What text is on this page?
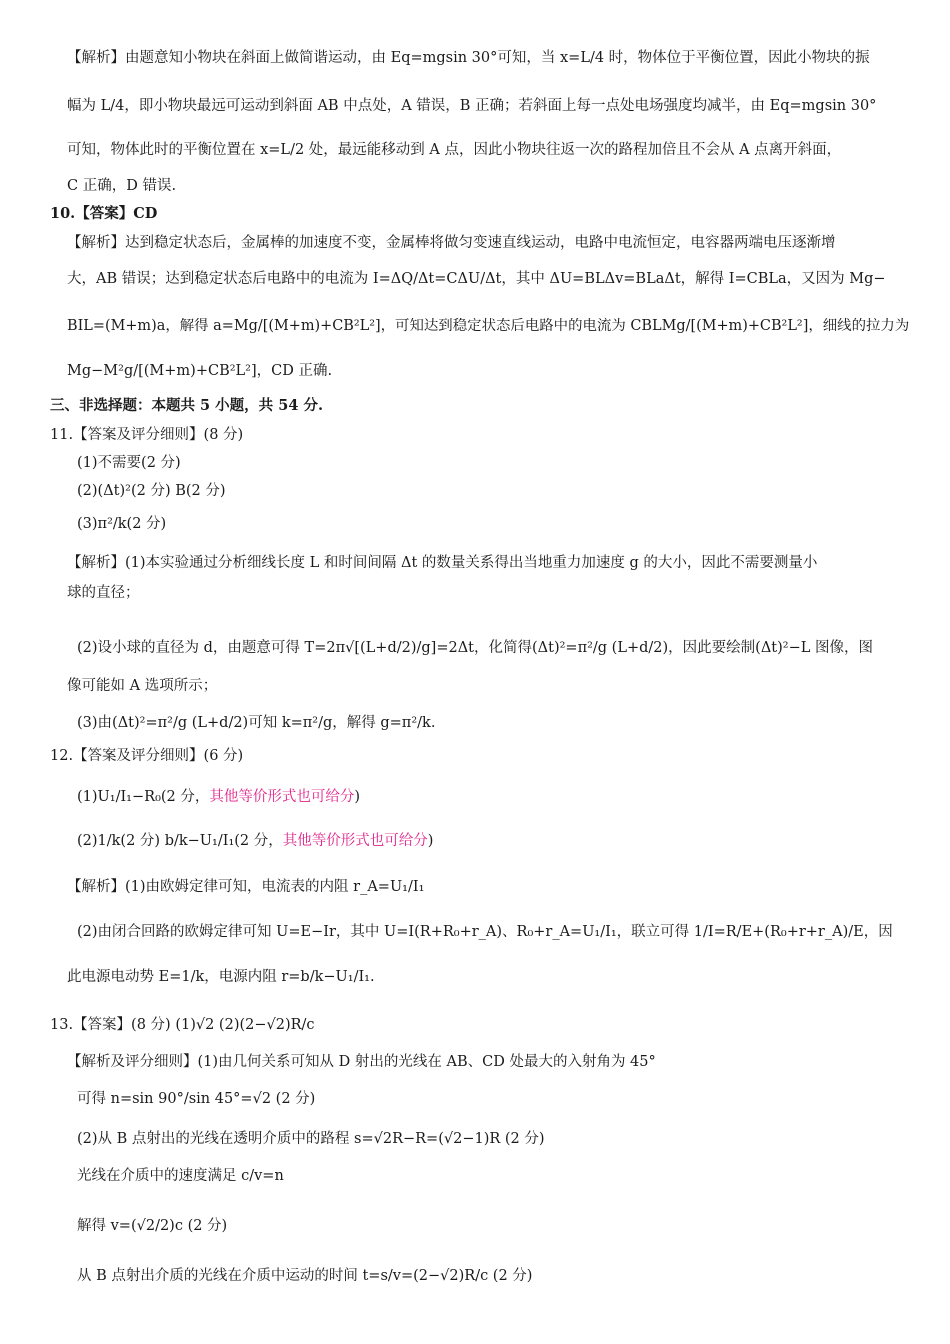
【解析】由题意知小物块在斜面上做简谐运动，由 Eq=mgsin 30°可知，当 x=L/4 时，物体位于平衡位置，因此小物块的振
幅为 L/4，即小物块最远可运动到斜面 AB 中点处，A 错误，B 正确；若斜面上每一点处电场强度均减半，由 Eq=mgsin 30°
可知，物体此时的平衡位置在 x=L/2 处，最远能移动到 A 点，因此小物块往返一次的路程加倍且不会从 A 点离开斜面，
C 正确，D 错误.
10.【答案】CD
【解析】达到稳定状态后，金属棒的加速度不变，金属棒将做匀变速直线运动，电路中电流恒定，电容器两端电压逐渐增
大，AB 错误；达到稳定状态后电路中的电流为 I=ΔQ/Δt=CΔU/Δt，其中 ΔU=BLΔv=BLaΔt，解得 I=CBLa，又因为 Mg−
BIL=(M+m)a，解得 a=Mg/[(M+m)+CB²L²]，可知达到稳定状态后电路中的电流为 CBLMg/[(M+m)+CB²L²]，细线的拉力为
Mg−M²g/[(M+m)+CB²L²]，CD 正确.
三、非选择题：本题共 5 小题，共 54 分.
11.【答案及评分细则】(8 分)
(1)不需要(2 分)
(2)(Δt)²(2 分) B(2 分)
(3)π²/k(2 分)
【解析】(1)本实验通过分析细线长度 L 和时间间隔 Δt 的数量关系得出当地重力加速度 g 的大小，因此不需要测量小
球的直径；
(2)设小球的直径为 d，由题意可得 T=2π√[(L+d/2)/g]=2Δt，化简得(Δt)²=π²/g (L+d/2)，因此要绘制(Δt)²−L 图像，图
像可能如 A 选项所示；
(3)由(Δt)²=π²/g (L+d/2)可知 k=π²/g，解得 g=π²/k.
12.【答案及评分细则】(6 分)
(1)U₁/I₁−R₀(2 分，其他等价形式也可给分)
(2)1/k(2 分) b/k−U₁/I₁(2 分，其他等价形式也可给分)
【解析】(1)由欧姆定律可知，电流表的内阻 r_A=U₁/I₁
(2)由闭合回路的欧姆定律可知 U=E−Ir，其中 U=I(R+R₀+r_A)、R₀+r_A=U₁/I₁，联立可得 1/I=R/E+(R₀+r+r_A)/E，因
此电源电动势 E=1/k，电源内阻 r=b/k−U₁/I₁.
13.【答案】(8 分) (1)√2 (2)(2−√2)R/c
【解析及评分细则】(1)由几何关系可知从 D 射出的光线在 AB、CD 处最大的入射角为 45°
可得 n=sin 90°/sin 45°=√2 (2 分)
(2)从 B 点射出的光线在透明介质中的路程 s=√2R−R=(√2−1)R (2 分)
光线在介质中的速度满足 c/v=n
解得 v=(√2/2)c (2 分)
从 B 点射出介质的光线在介质中运动的时间 t=s/v=(2−√2)R/c (2 分)
